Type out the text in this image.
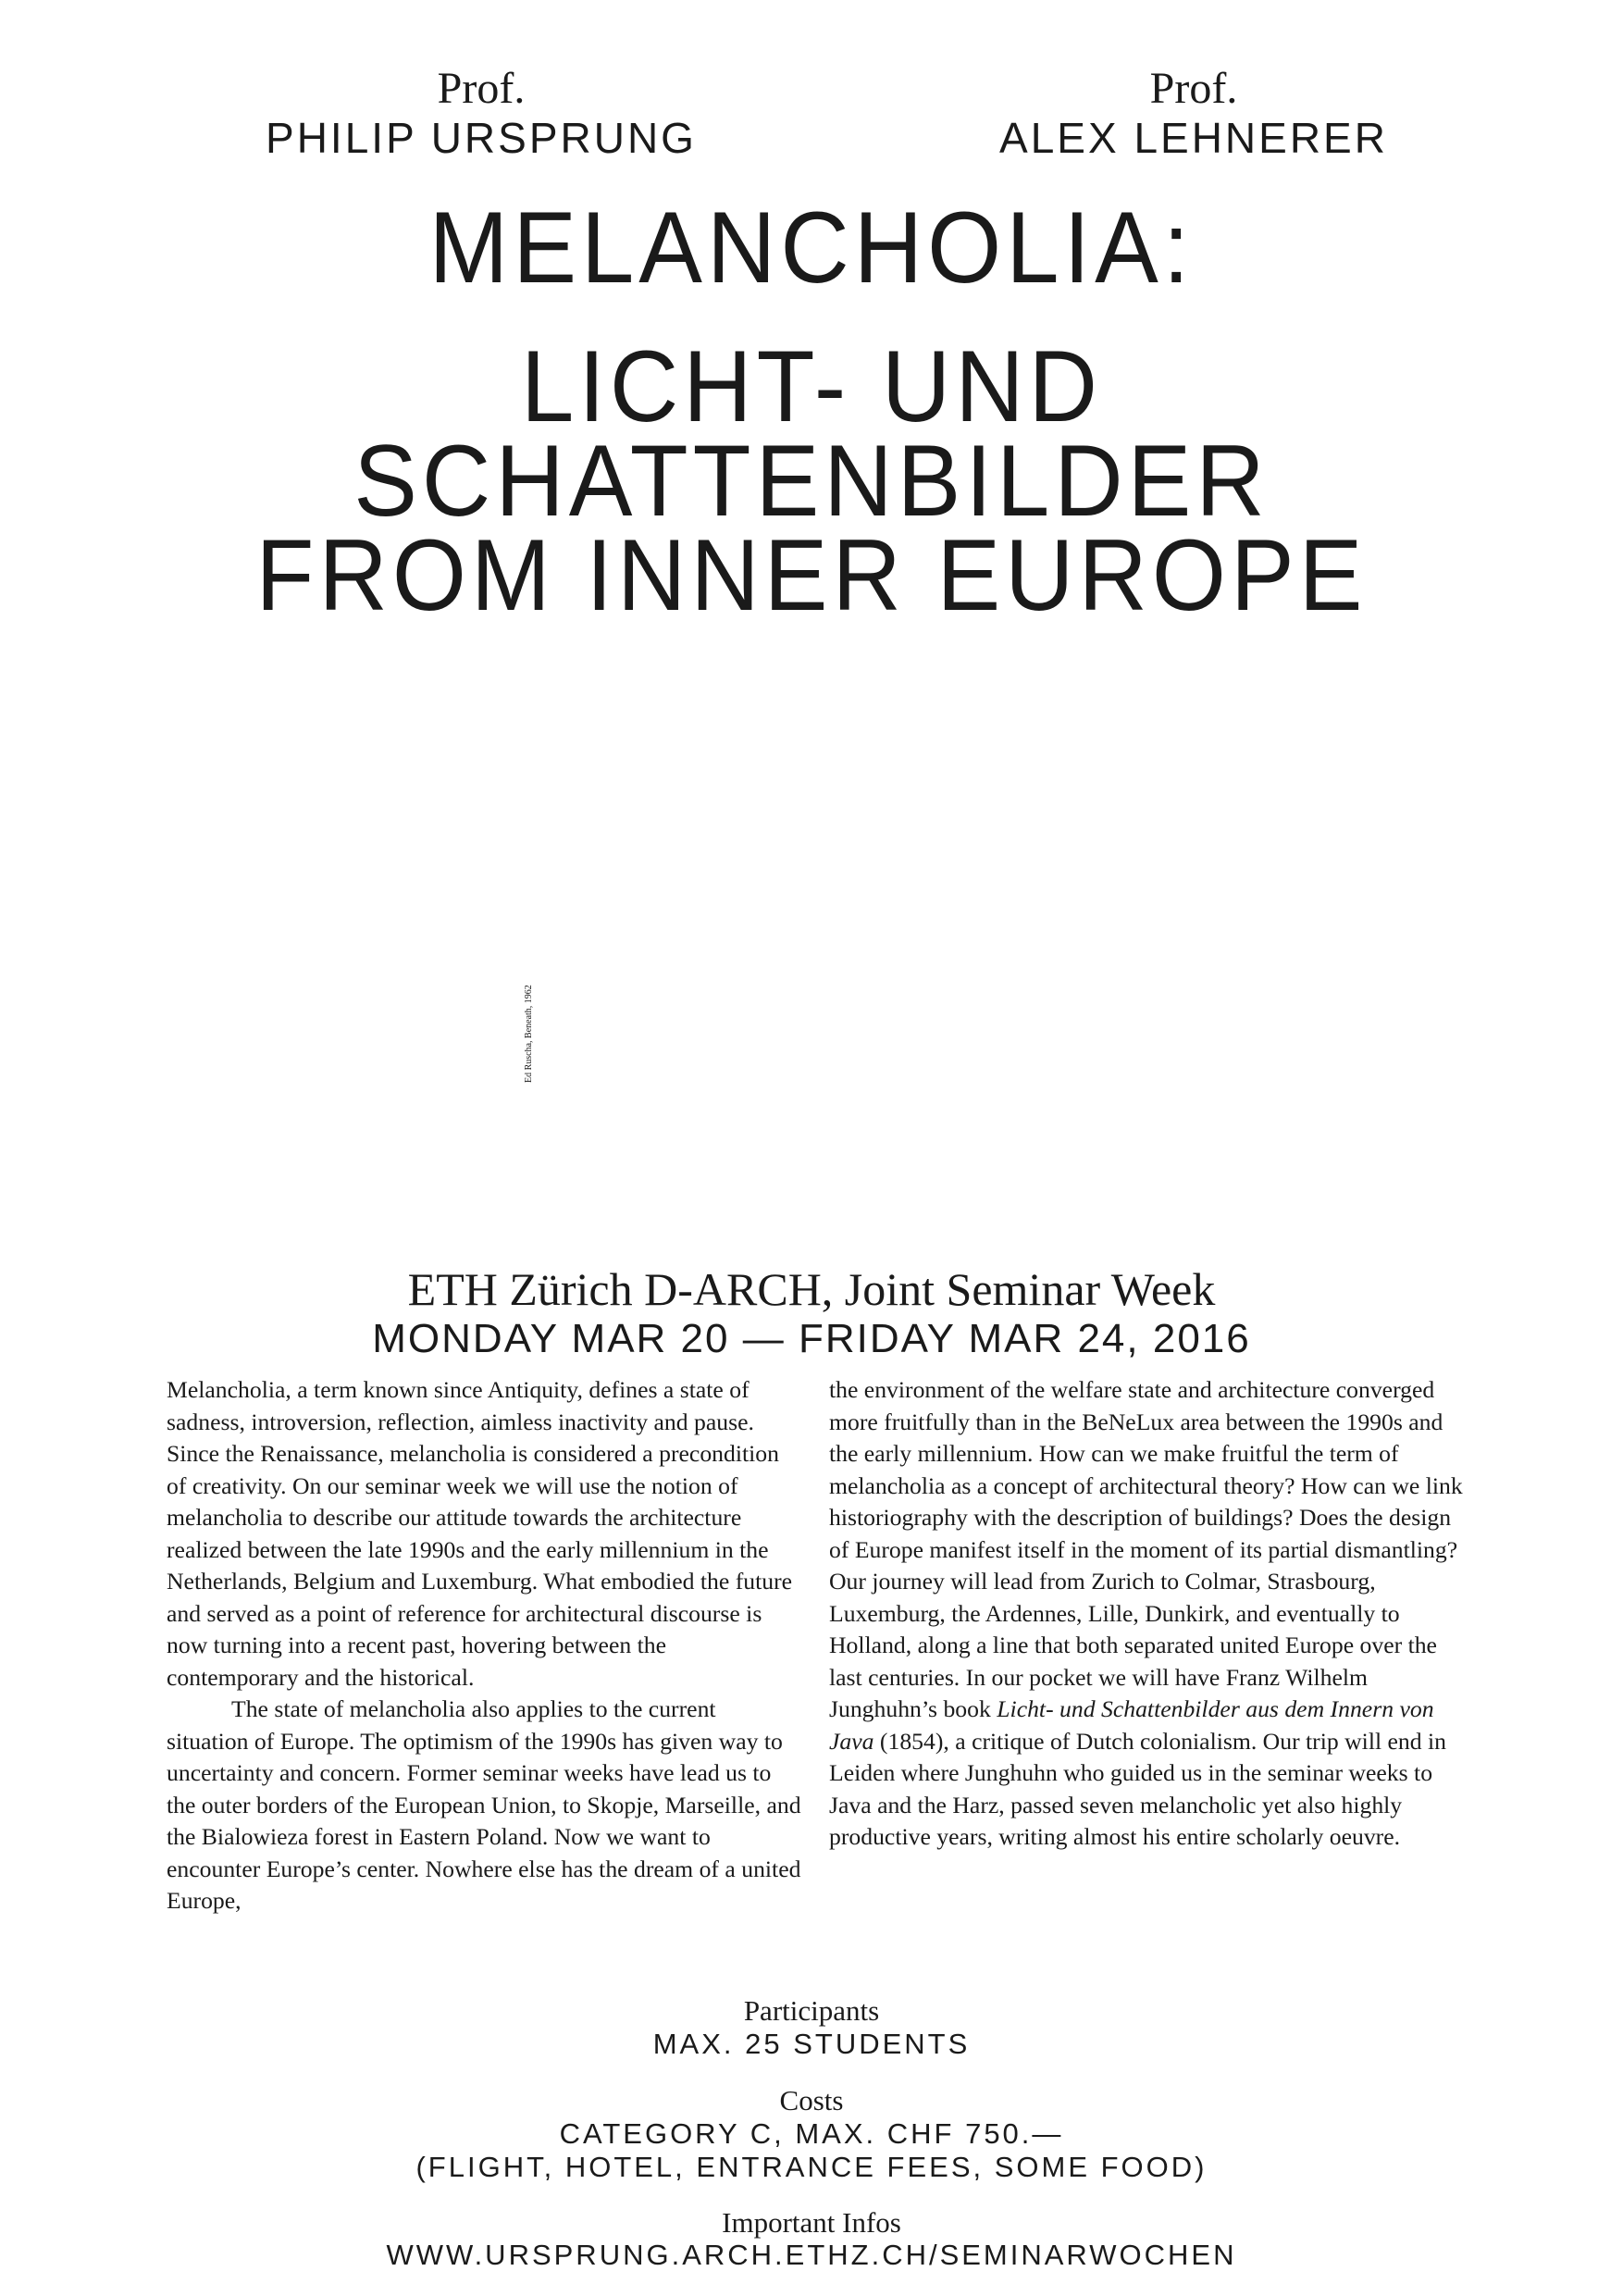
Prof.
PHILIP URSPRUNG
Prof.
ALEX LEHNERER
MELANCHOLIA:
LICHT- UND
SCHATTENBILDER
FROM INNER EUROPE
Ed Ruscha, Beneath, 1962
ETH Zürich D-ARCH, Joint Seminar Week
MONDAY MAR 20 — FRIDAY MAR 24, 2016

Melancholia, a term known since Antiquity, defines a state of sadness, introversion, reflection, aimless inactivity and pause. Since the Renaissance, melancholia is considered a precondition of creativity. On our seminar week we will use the notion of melancholia to describe our attitude towards the architecture realized between the late 1990s and the early millennium in the Netherlands, Belgium and Luxemburg. What embodied the future and served as a point of reference for architectural discourse is now turning into a recent past, hovering between the contemporary and the historical.

The state of melancholia also applies to the current situation of Europe. The optimism of the 1990s has given way to uncertainty and concern. Former seminar weeks have lead us to the outer borders of the European Union, to Skopje, Marseille, and the Bialowieza forest in Eastern Poland. Now we want to encounter Europe’s center. Nowhere else has the dream of a united Europe,

the environment of the welfare state and architecture converged more fruitfully than in the BeNeLux area between the 1990s and the early millennium. How can we make fruitful the term of melancholia as a concept of architectural theory? How can we link historiography with the description of buildings? Does the design of Europe manifest itself in the moment of its partial dismantling? Our journey will lead from Zurich to Colmar, Strasbourg, Luxemburg, the Ardennes, Lille, Dunkirk, and eventually to Holland, along a line that both separated united Europe over the last centuries. In our pocket we will have Franz Wilhelm Junghuhn’s book Licht- und Schattenbilder aus dem Innern von Java (1854), a critique of Dutch colonialism. Our trip will end in Leiden where Junghuhn who guided us in the seminar weeks to Java and the Harz, passed seven melancholic yet also highly productive years, writing almost his entire scholarly oeuvre.

Participants
MAX. 25 STUDENTS
Costs
CATEGORY C, MAX. CHF 750.—
(FLIGHT, HOTEL, ENTRANCE FEES, SOME FOOD)
Important Infos
WWW.URSPRUNG.ARCH.ETHZ.CH/SEMINARWOCHEN
